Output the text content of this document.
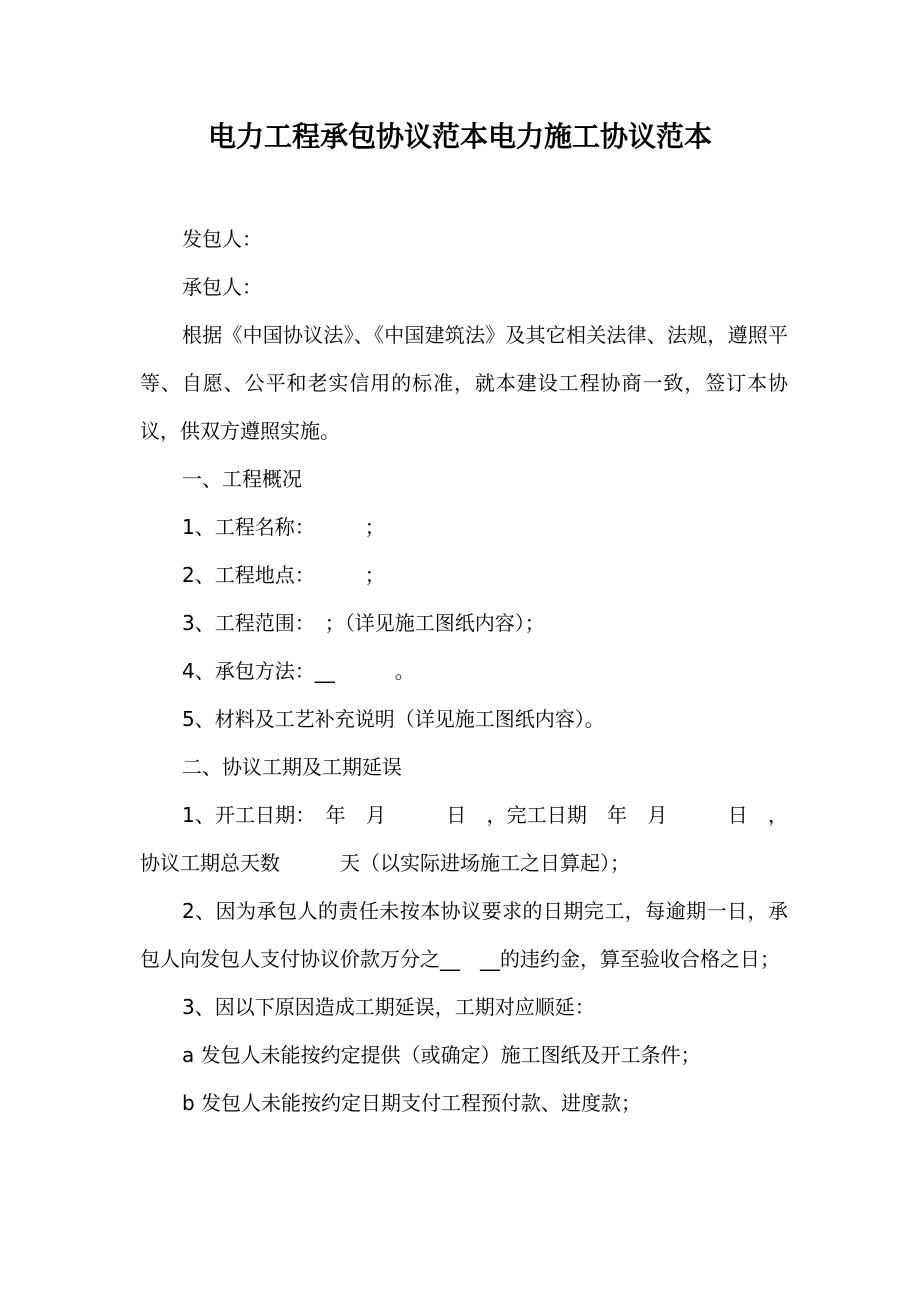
电力工程承包协议范本电力施工协议范本

发包人：

承包人：

根据《中国协议法》、《中国建筑法》及其它相关法律、法规，遵照平等、自愿、公平和老实信用的标准，就本建设工程协商一致，签订本协议，供双方遵照实施。

一、工程概况

1、工程名称：　　　；

2、工程地点：　　　；

3、工程范围：　；（详见施工图纸内容）；

4、承包方法：__　　　。

5、材料及工艺补充说明（详见施工图纸内容）。

二、协议工期及工期延误

1、开工日期：　年　月　　　日　，完工日期　年　月　　　日　，协议工期总天数　　　天（以实际进场施工之日算起）；

2、因为承包人的责任未按本协议要求的日期完工，每逾期一日，承包人向发包人支付协议价款万分之__　__的违约金，算至验收合格之日；

3、因以下原因造成工期延误，工期对应顺延：

a 发包人未能按约定提供（或确定）施工图纸及开工条件；

b 发包人未能按约定日期支付工程预付款、进度款；
